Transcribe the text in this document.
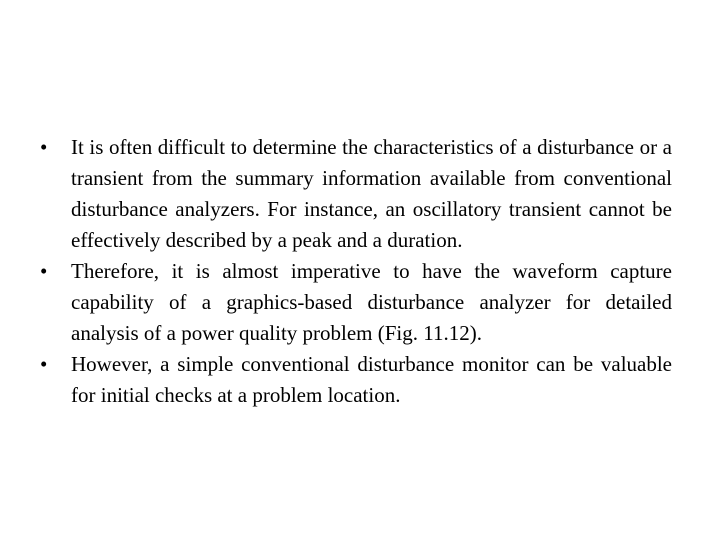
•	It is often difficult to determine the characteristics of a disturbance or a transient from the summary information available from conventional disturbance analyzers. For instance, an oscillatory transient cannot be effectively described by a peak and a duration.
•	Therefore, it is almost imperative to have the waveform capture capability of a graphics-based disturbance analyzer for detailed analysis of a power quality problem (Fig. 11.12).
•	However, a simple conventional disturbance monitor can be valuable for initial checks at a problem location.
